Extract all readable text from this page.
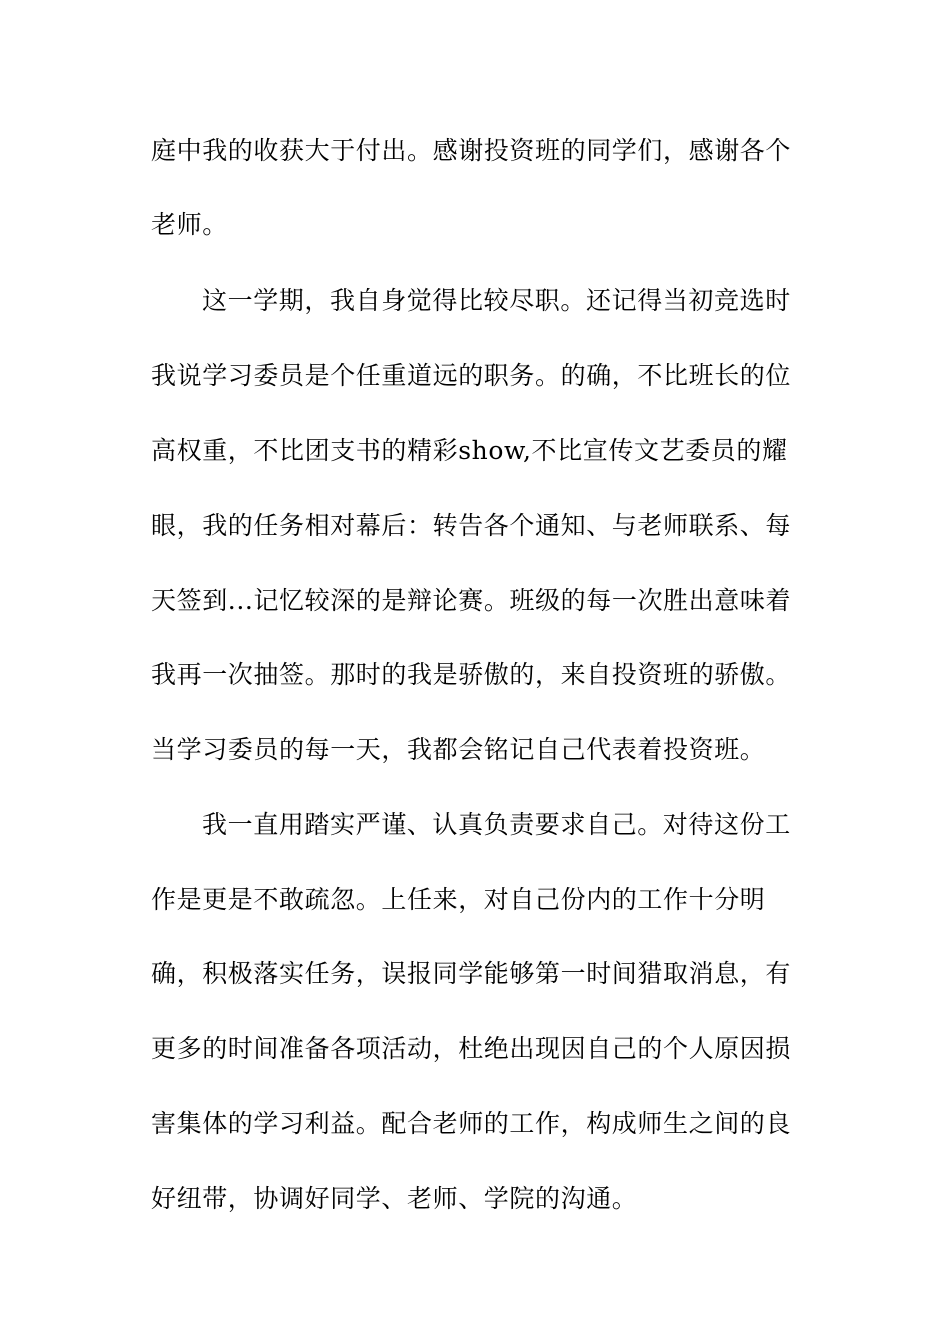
庭中我的收获大于付出。感谢投资班的同学们，感谢各个
老师。
这一学期，我自身觉得比较尽职。还记得当初竞选时
我说学习委员是个任重道远的职务。的确，不比班长的位
高权重，不比团支书的精彩show,不比宣传文艺委员的耀
眼，我的任务相对幕后：转告各个通知、与老师联系、每
天签到...记忆较深的是辩论赛。班级的每一次胜出意味着
我再一次抽签。那时的我是骄傲的，来自投资班的骄傲。
当学习委员的每一天，我都会铭记自己代表着投资班。
我一直用踏实严谨、认真负责要求自己。对待这份工
作是更是不敢疏忽。上任来，对自己份内的工作十分明
确，积极落实任务，误报同学能够第一时间猎取消息，有
更多的时间准备各项活动，杜绝出现因自己的个人原因损
害集体的学习利益。配合老师的工作，构成师生之间的良
好纽带，协调好同学、老师、学院的沟通。
